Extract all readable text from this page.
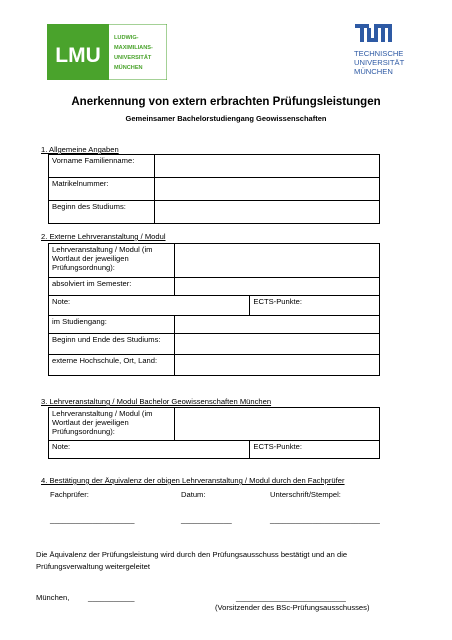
LMU
LUDWIG-
MAXIMILIANS-
UNIVERSITÄT
MÜNCHEN
TECHNISCHE
UNIVERSITÄT
MÜNCHEN
Anerkennung von extern erbrachten Prüfungsleistungen
Gemeinsamer Bachelorstudiengang Geowissenschaften
1. Allgemeine Angaben
Vorname Familienname:	
Matrikelnummer:	
Beginn des Studiums:	
2. Externe Lehrveranstaltung / Modul
Lehrveranstaltung / Modul (im Wortlaut der jeweiligen Prüfungsordnung):		
absolviert im Semester:		
Note:		ECTS-Punkte:
im Studiengang:		
Beginn und Ende des Studiums:		
externe Hochschule, Ort, Land:		
3. Lehrveranstaltung / Modul Bachelor Geowissenschaften München
Lehrveranstaltung / Modul (im Wortlaut der jeweiligen Prüfungsordnung):		
Note:		ECTS-Punkte:
4. Bestätigung der Äquivalenz der obigen Lehrveranstaltung / Modul durch den Fachprüfer
Fachprüfer:	Datum:	Unterschrift/Stempel:
____________________	____________	__________________________
Die Äquivalenz der Prüfungsleistung wird durch den Prüfungsausschuss bestätigt und an die Prüfungsverwaltung weitergeleitet
München, ___________	__________________________
(Vorsitzender des BSc-Prüfungsausschusses)
